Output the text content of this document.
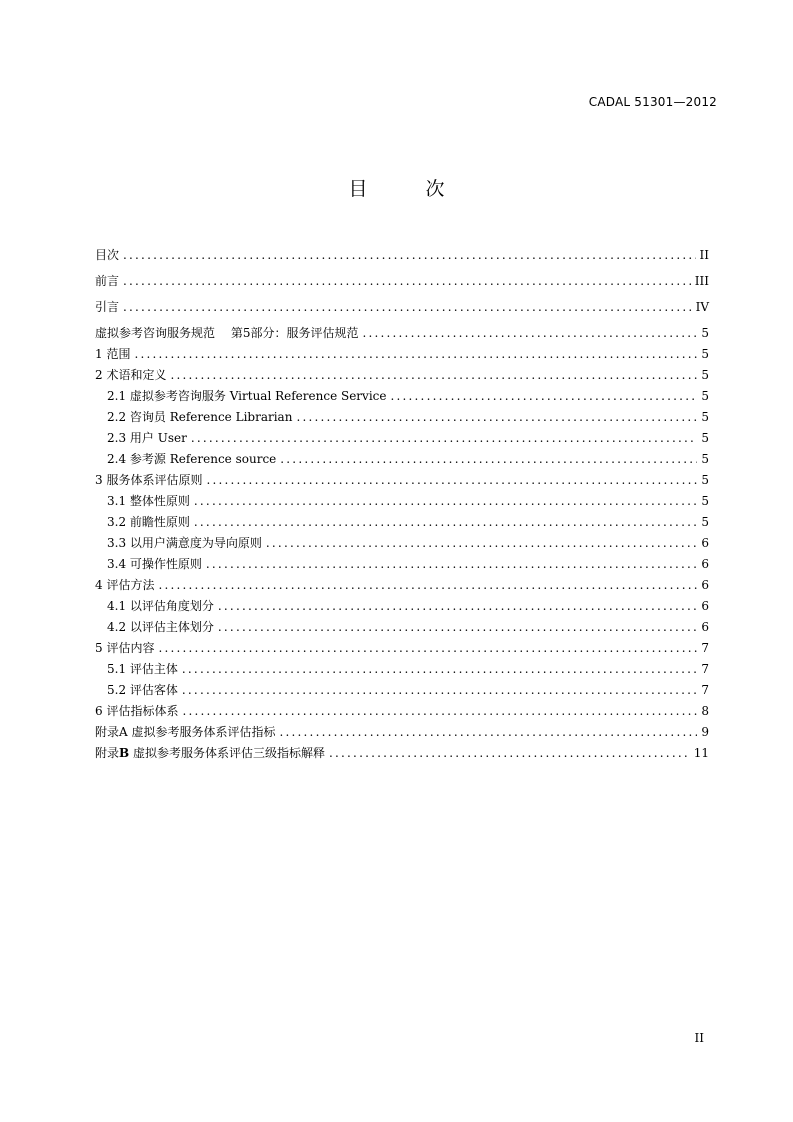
CADAL 51301—2012
目 次
目次 .....	II
前言 .....	III
引言 .....	IV
虚拟参考咨询服务规范　 第5部分：服务评估规范 .....	5
1 范围 .....	5
2 术语和定义 .....	5
2.1 虚拟参考咨询服务 Virtual Reference Service .....	5
2.2 咨询员 Reference Librarian .....	5
2.3 用户 User .....	5
2.4 参考源 Reference source .....	5
3 服务体系评估原则 .....	5
3.1 整体性原则 .....	5
3.2 前瞻性原则 .....	5
3.3 以用户满意度为导向原则 .....	6
3.4 可操作性原则 .....	6
4 评估方法 .....	6
4.1 以评估角度划分 .....	6
4.2 以评估主体划分 .....	6
5 评估内容 .....	7
5.1 评估主体 .....	7
5.2 评估客体 .....	7
6 评估指标体系 .....	8
附录A 虚拟参考服务体系评估指标 .....	9
附录B 虚拟参考服务体系评估三级指标解释 .....	11
II
